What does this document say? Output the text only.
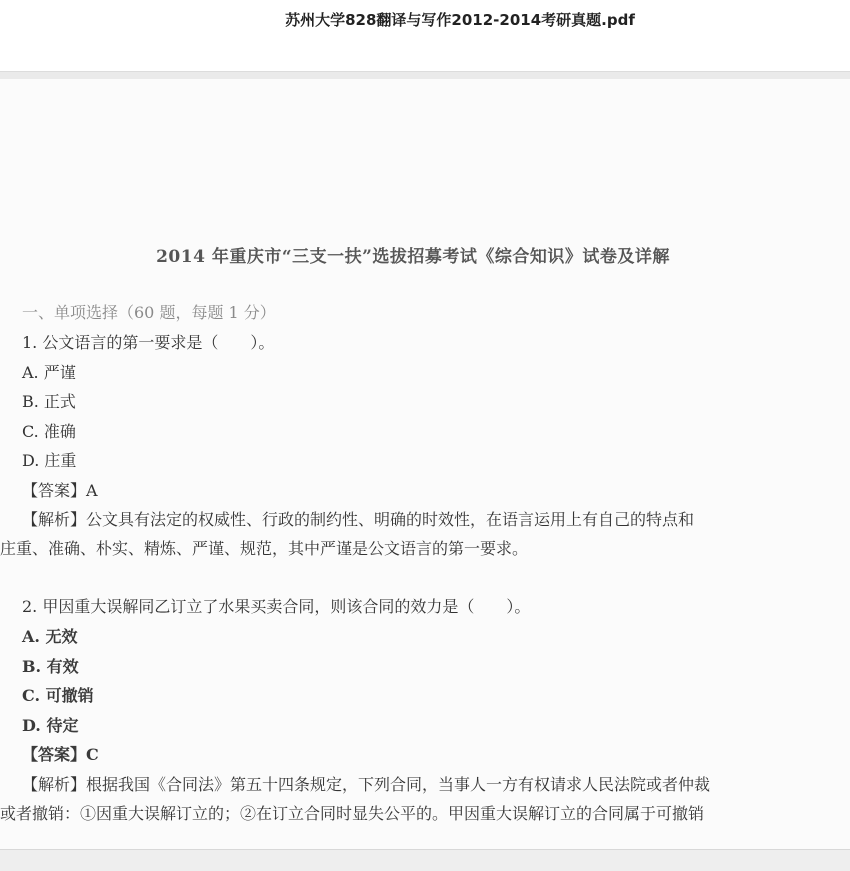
苏州大学828翻译与写作2012-2014考研真题.pdf
2014 年重庆市“三支一扶”选拔招募考试《综合知识》试卷及详解
一、单项选择（60 题，每题 1 分）
1. 公文语言的第一要求是（　　）。
A. 严谨
B. 正式
C. 准确
D. 庄重
【答案】A
【解析】公文具有法定的权威性、行政的制约性、明确的时效性，在语言运用上有自己的特点和
庄重、准确、朴实、精炼、严谨、规范，其中严谨是公文语言的第一要求。
2. 甲因重大误解同乙订立了水果买卖合同，则该合同的效力是（　　）。
A. 无效
B. 有效
C. 可撤销
D. 待定
【答案】C
【解析】根据我国《合同法》第五十四条规定，下列合同，当事人一方有权请求人民法院或者仲裁
或者撤销：①因重大误解订立的；②在订立合同时显失公平的。甲因重大误解订立的合同属于可撤销
